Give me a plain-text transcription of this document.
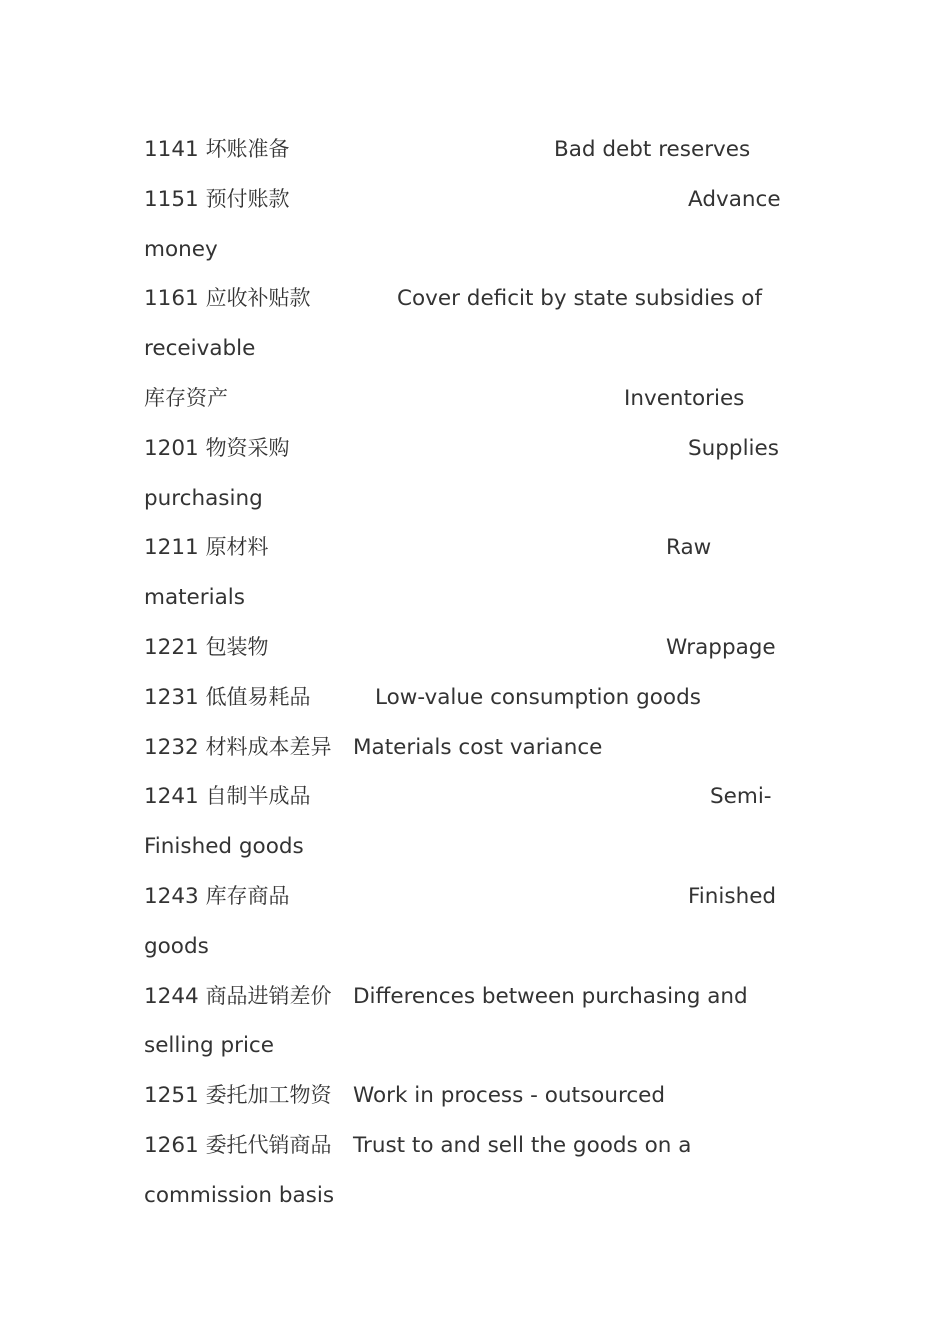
1141 坏账准备	Bad debt reserves
1151 预付账款	Advance
money
1161 应收补贴款	Cover deficit by state subsidies of
receivable
库存资产	Inventories
1201 物资采购	Supplies
purchasing
1211 原材料	Raw
materials
1221 包装物	Wrappage
1231 低值易耗品	Low-value consumption goods
1232 材料成本差异 Materials cost variance
1241 自制半成品	Semi-
Finished goods
1243 库存商品	Finished
goods
1244 商品进销差价 Differences between purchasing and
selling price
1251 委托加工物资 Work in process - outsourced
1261 委托代销商品 Trust to and sell the goods on a
commission basis
